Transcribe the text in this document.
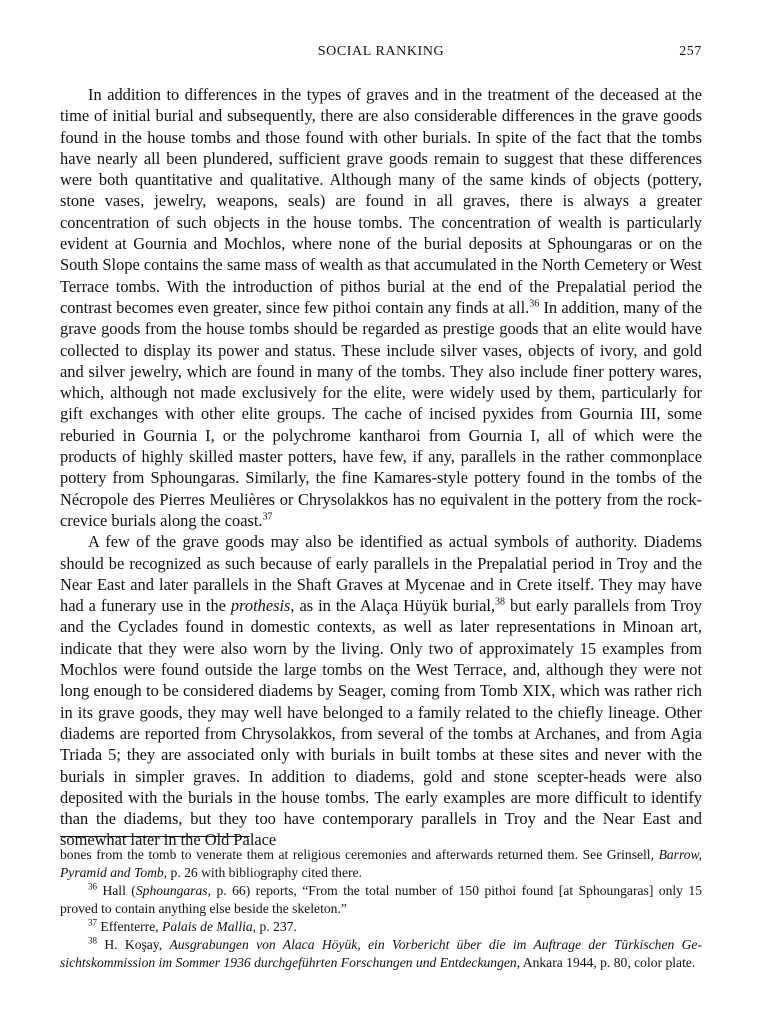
SOCIAL RANKING	257

In addition to differences in the types of graves and in the treatment of the deceased at the time of initial burial and subsequently, there are also considerable differences in the grave goods found in the house tombs and those found with other burials. In spite of the fact that the tombs have nearly all been plundered, sufficient grave goods remain to suggest that these differences were both quantitative and qualitative. Although many of the same kinds of objects (pottery, stone vases, jewelry, weapons, seals) are found in all graves, there is always a greater concentration of such objects in the house tombs. The concentration of wealth is particularly evident at Gournia and Mochlos, where none of the burial deposits at Sphoungaras or on the South Slope contains the same mass of wealth as that accumulated in the North Cemetery or West Terrace tombs. With the introduction of pithos burial at the end of the Prepalatial period the contrast becomes even greater, since few pithoi contain any finds at all.$^{36}$ In addition, many of the grave goods from the house tombs should be regarded as prestige goods that an elite would have collected to display its power and status. These include silver vases, objects of ivory, and gold and silver jewelry, which are found in many of the tombs. They also include finer pottery wares, which, although not made exclusively for the elite, were widely used by them, particularly for gift exchanges with other elite groups. The cache of incised pyxides from Gournia III, some reburied in Gournia I, or the polychrome kantharoi from Gournia I, all of which were the products of highly skilled master potters, have few, if any, parallels in the rather commonplace pottery from Sphoungaras. Similarly, the fine Kamares-style pottery found in the tombs of the Nécropole des Pierres Meulières or Chrysolakkos has no equivalent in the pottery from the rock-crevice burials along the coast.$^{37}$

A few of the grave goods may also be identified as actual symbols of authority. Diadems should be recognized as such because of early parallels in the Prepalatial period in Troy and the Near East and later parallels in the Shaft Graves at Mycenae and in Crete itself. They may have had a funerary use in the prothesis, as in the Alaça Hüyük burial,$^{38}$ but early parallels from Troy and the Cyclades found in domestic contexts, as well as later representations in Minoan art, indicate that they were also worn by the living. Only two of approximately 15 examples from Mochlos were found outside the large tombs on the West Terrace, and, although they were not long enough to be considered diadems by Seager, coming from Tomb XIX, which was rather rich in its grave goods, they may well have belonged to a family related to the chiefly lineage. Other diadems are reported from Chrysolakkos, from several of the tombs at Archanes, and from Agia Triada 5; they are associated only with burials in built tombs at these sites and never with the burials in simpler graves. In addition to diadems, gold and stone scepter-heads were also deposited with the burials in the house tombs. The early examples are more difficult to identify than the diadems, but they too have contemporary parallels in Troy and the Near East and somewhat later in the Old Palace

bones from the tomb to venerate them at religious ceremonies and afterwards returned them. See Grinsell, Barrow, Pyramid and Tomb, p. 26 with bibliography cited there.

$^{36}$ Hall (Sphoungaras, p. 66) reports, “From the total number of 150 pithoi found [at Sphoungaras] only 15 proved to contain anything else beside the skeleton.”

$^{37}$ Effenterre, Palais de Mallia, p. 237.

$^{38}$ H. Koşay, Ausgrabungen von Alaca Höyük, ein Vorbericht über die im Auftrage der Türkischen Gesichtskommission im Sommer 1936 durchgeführten Forschungen und Entdeckungen, Ankara 1944, p. 80, color plate.
